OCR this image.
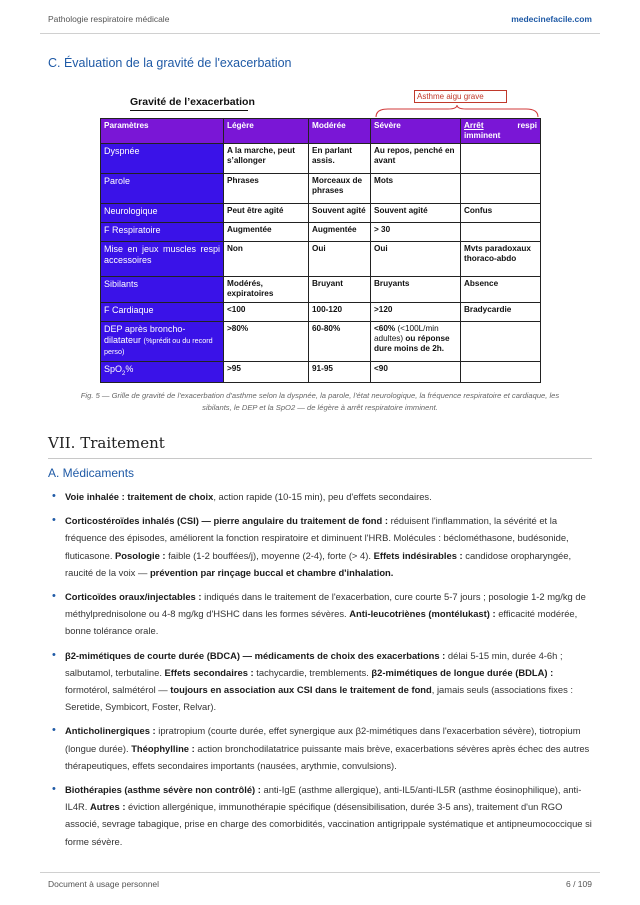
Pathologie respiratoire médicale	medecinefacile.com
C. Évaluation de la gravité de l'exacerbation
Gravité de l’exacerbation	Asthme aigu grave
Paramètres	Légère	Modérée	Sévère	Arrêt respi
imminent
Dyspnée	A la marche, peut s’allonger	En parlant assis.	Au repos, penché en avant	
Parole	Phrases	Morceaux de phrases	Mots	
Neurologique	Peut être agité	Souvent agité	Souvent agité	Confus
F Respiratoire	Augmentée	Augmentée	> 30	
Mise en jeux muscles respi accessoires	Non	Oui	Oui	Mvts paradoxaux thoraco-abdo
Sibilants	Modérés, expiratoires	Bruyant	Bruyants	Absence
F Cardiaque	<100	100-120	>120	Bradycardie
DEP après broncho-dilatateur (%prédit ou du record perso)	>80%	60-80%	<60% (<100L/min adultes) ou réponse dure moins de 2h.	
SpO$_2$%	>95	91-95	<90	
Fig. 5 — Grille de gravité de l'exacerbation d'asthme selon la dyspnée, la parole, l'état neurologique, la fréquence respiratoire et cardiaque, les sibilants, le DEP et la SpO2 — de légère à arrêt respiratoire imminent.
VII. Traitement
A. Médicaments
• Voie inhalée : traitement de choix, action rapide (10-15 min), peu d'effets secondaires.
• Corticostéroïdes inhalés (CSI) — pierre angulaire du traitement de fond : réduisent l'inflammation, la sévérité et la fréquence des épisodes, améliorent la fonction respiratoire et diminuent l'HRB. Molécules : béclométhasone, budésonide, fluticasone. Posologie : faible (1-2 bouffées/j), moyenne (2-4), forte (> 4). Effets indésirables : candidose oropharyngée, raucité de la voix — prévention par rinçage buccal et chambre d'inhalation.
• Corticoïdes oraux/injectables : indiqués dans le traitement de l'exacerbation, cure courte 5-7 jours ; posologie 1-2 mg/kg de méthylprednisolone ou 4-8 mg/kg d'HSHC dans les formes sévères. Anti-leucotriènes (montélukast) : efficacité modérée, bonne tolérance orale.
• β2-mimétiques de courte durée (BDCA) — médicaments de choix des exacerbations : délai 5-15 min, durée 4-6h ; salbutamol, terbutaline. Effets secondaires : tachycardie, tremblements. β2-mimétiques de longue durée (BDLA) : formotérol, salmétérol — toujours en association aux CSI dans le traitement de fond, jamais seuls (associations fixes : Seretide, Symbicort, Foster, Relvar).
• Anticholinergiques : ipratropium (courte durée, effet synergique aux β2-mimétiques dans l'exacerbation sévère), tiotropium (longue durée). Théophylline : action bronchodilatatrice puissante mais brève, exacerbations sévères après échec des autres thérapeutiques, effets secondaires importants (nausées, arythmie, convulsions).
• Biothérapies (asthme sévère non contrôlé) : anti-IgE (asthme allergique), anti-IL5/anti-IL5R (asthme éosinophilique), anti-IL4R. Autres : éviction allergénique, immunothérapie spécifique (désensibilisation, durée 3-5 ans), traitement d'un RGO associé, sevrage tabagique, prise en charge des comorbidités, vaccination antigrippale systématique et antipneumococcique si forme sévère.
Document à usage personnel	6 / 109
